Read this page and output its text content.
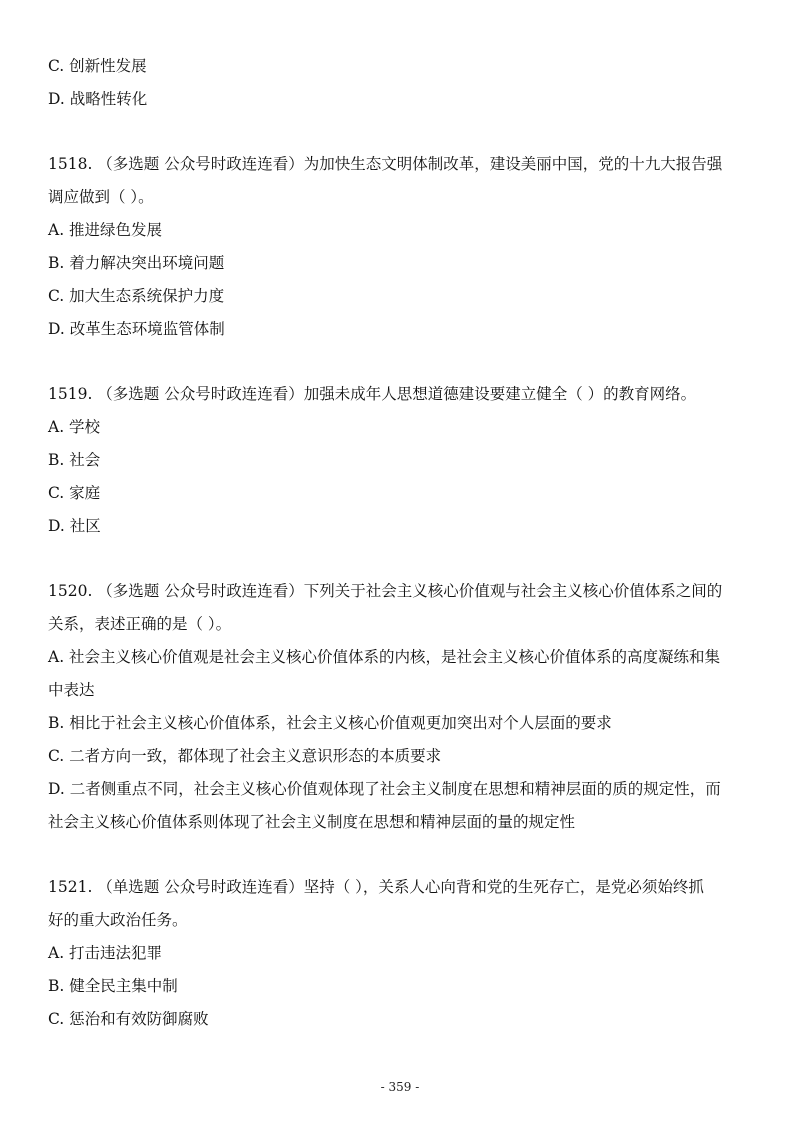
C. 创新性发展

D. 战略性转化

1518. （多选题 公众号时政连连看）为加快生态文明体制改革，建设美丽中国，党的十九大报告强

调应做到（ ）。

A. 推进绿色发展

B. 着力解决突出环境问题

C. 加大生态系统保护力度

D. 改革生态环境监管体制

1519. （多选题 公众号时政连连看）加强未成年人思想道德建设要建立健全（ ）的教育网络。

A. 学校

B. 社会

C. 家庭

D. 社区

1520. （多选题 公众号时政连连看）下列关于社会主义核心价值观与社会主义核心价值体系之间的

关系，表述正确的是（ ）。

A. 社会主义核心价值观是社会主义核心价值体系的内核，是社会主义核心价值体系的高度凝练和集

中表达

B. 相比于社会主义核心价值体系，社会主义核心价值观更加突出对个人层面的要求

C. 二者方向一致，都体现了社会主义意识形态的本质要求

D. 二者侧重点不同，社会主义核心价值观体现了社会主义制度在思想和精神层面的质的规定性，而

社会主义核心价值体系则体现了社会主义制度在思想和精神层面的量的规定性

1521. （单选题 公众号时政连连看）坚持（ ），关系人心向背和党的生死存亡，是党必须始终抓

好的重大政治任务。

A. 打击违法犯罪

B. 健全民主集中制

C. 惩治和有效防御腐败

- 359 -
